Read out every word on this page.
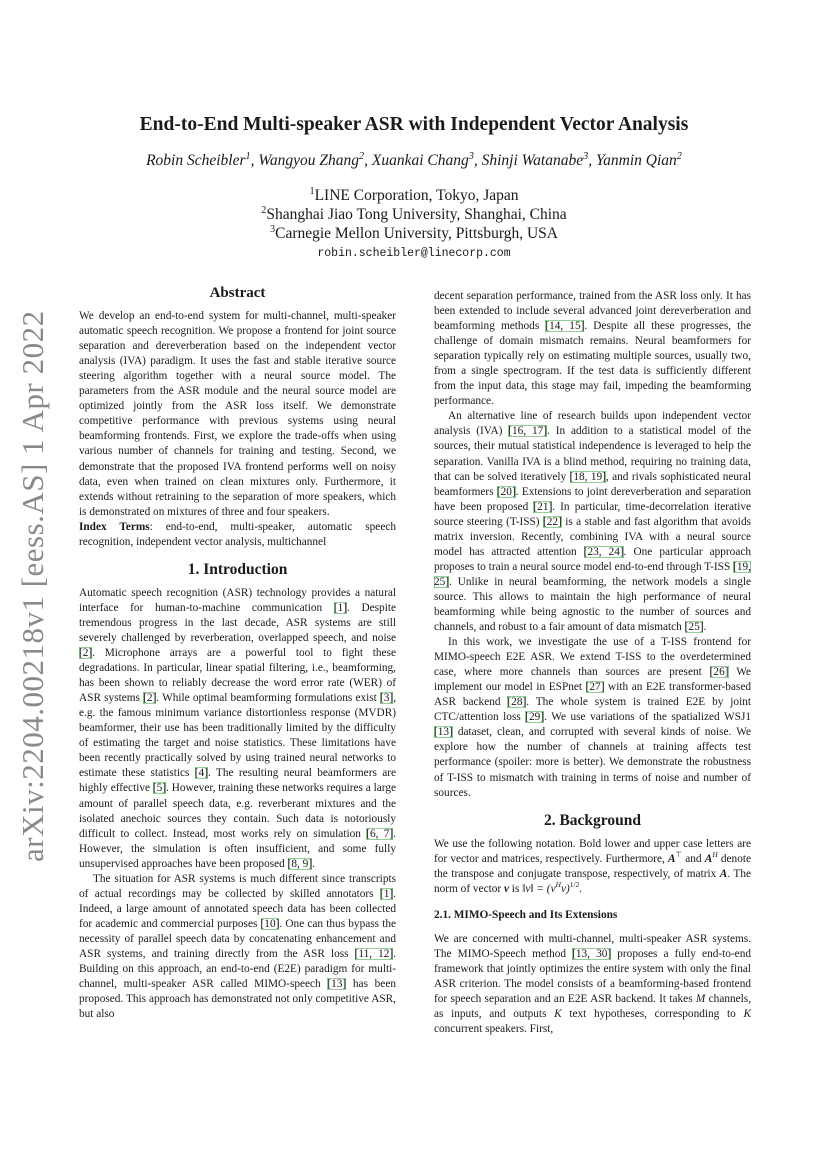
arXiv:2204.00218v1 [eess.AS] 1 Apr 2022
End-to-End Multi-speaker ASR with Independent Vector Analysis
Robin Scheibler$^1$, Wangyou Zhang$^2$, Xuankai Chang$^3$, Shinji Watanabe$^3$, Yanmin Qian$^2$
$^1$LINE Corporation, Tokyo, Japan
$^2$Shanghai Jiao Tong University, Shanghai, China
$^3$Carnegie Mellon University, Pittsburgh, USA
robin.scheibler@linecorp.com
Abstract

We develop an end-to-end system for multi-channel, multi-speaker automatic speech recognition. We propose a frontend for joint source separation and dereverberation based on the independent vector analysis (IVA) paradigm. It uses the fast and stable iterative source steering algorithm together with a neural source model. The parameters from the ASR module and the neural source model are optimized jointly from the ASR loss itself. We demonstrate competitive performance with previous systems using neural beamforming frontends. First, we explore the trade-offs when using various number of channels for training and testing. Second, we demonstrate that the proposed IVA frontend performs well on noisy data, even when trained on clean mixtures only. Furthermore, it extends without retraining to the separation of more speakers, which is demonstrated on mixtures of three and four speakers.

Index Terms: end-to-end, multi-speaker, automatic speech recognition, independent vector analysis, multichannel

1. Introduction

Automatic speech recognition (ASR) technology provides a natural interface for human-to-machine communication [1]. Despite tremendous progress in the last decade, ASR systems are still severely challenged by reverberation, overlapped speech, and noise [2]. Microphone arrays are a powerful tool to fight these degradations. In particular, linear spatial filtering, i.e., beamforming, has been shown to reliably decrease the word error rate (WER) of ASR systems [2]. While optimal beamforming formulations exist [3], e.g. the famous minimum variance distortionless response (MVDR) beamformer, their use has been traditionally limited by the difficulty of estimating the target and noise statistics. These limitations have been recently practically solved by using trained neural networks to estimate these statistics [4]. The resulting neural beamformers are highly effective [5]. However, training these networks requires a large amount of parallel speech data, e.g. reverberant mixtures and the isolated anechoic sources they contain. Such data is notoriously difficult to collect. Instead, most works rely on simulation [6, 7]. However, the simulation is often insufficient, and some fully unsupervised approaches have been proposed [8, 9].

The situation for ASR systems is much different since transcripts of actual recordings may be collected by skilled annotators [1]. Indeed, a large amount of annotated speech data has been collected for academic and commercial purposes [10]. One can thus bypass the necessity of parallel speech data by concatenating enhancement and ASR systems, and training directly from the ASR loss [11, 12]. Building on this approach, an end-to-end (E2E) paradigm for multi-channel, multi-speaker ASR called MIMO-speech [13] has been proposed. This approach has demonstrated not only competitive ASR, but also

decent separation performance, trained from the ASR loss only. It has been extended to include several advanced joint dereverberation and beamforming methods [14, 15]. Despite all these progresses, the challenge of domain mismatch remains. Neural beamformers for separation typically rely on estimating multiple sources, usually two, from a single spectrogram. If the test data is sufficiently different from the input data, this stage may fail, impeding the beamforming performance.

An alternative line of research builds upon independent vector analysis (IVA) [16, 17]. In addition to a statistical model of the sources, their mutual statistical independence is leveraged to help the separation. Vanilla IVA is a blind method, requiring no training data, that can be solved iteratively [18, 19], and rivals sophisticated neural beamformers [20]. Extensions to joint dereverberation and separation have been proposed [21]. In particular, time-decorrelation iterative source steering (T-ISS) [22] is a stable and fast algorithm that avoids matrix inversion. Recently, combining IVA with a neural source model has attracted attention [23, 24]. One particular approach proposes to train a neural source model end-to-end through T-ISS [19, 25]. Unlike in neural beamforming, the network models a single source. This allows to maintain the high performance of neural beamforming while being agnostic to the number of sources and channels, and robust to a fair amount of data mismatch [25].

In this work, we investigate the use of a T-ISS frontend for MIMO-speech E2E ASR. We extend T-ISS to the overdetermined case, where more channels than sources are present [26] We implement our model in ESPnet [27] with an E2E transformer-based ASR backend [28]. The whole system is trained E2E by joint CTC/attention loss [29]. We use variations of the spatialized WSJ1 [13] dataset, clean, and corrupted with several kinds of noise. We explore how the number of channels at training affects test performance (spoiler: more is better). We demonstrate the robustness of T-ISS to mismatch with training in terms of noise and number of sources.

2. Background

We use the following notation. Bold lower and upper case letters are for vector and matrices, respectively. Furthermore, A⊤ and $A^H$ denote the transpose and conjugate transpose, respectively, of matrix A. The norm of vector v is ‖v‖ = $(v^Hv)^{1/2}$.

2.1. MIMO-Speech and Its Extensions

We are concerned with multi-channel, multi-speaker ASR systems. The MIMO-Speech method [13, 30] proposes a fully end-to-end framework that jointly optimizes the entire system with only the final ASR criterion. The model consists of a beamforming-based frontend for speech separation and an E2E ASR backend. It takes M channels, as inputs, and outputs K text hypotheses, corresponding to K concurrent speakers. First,
